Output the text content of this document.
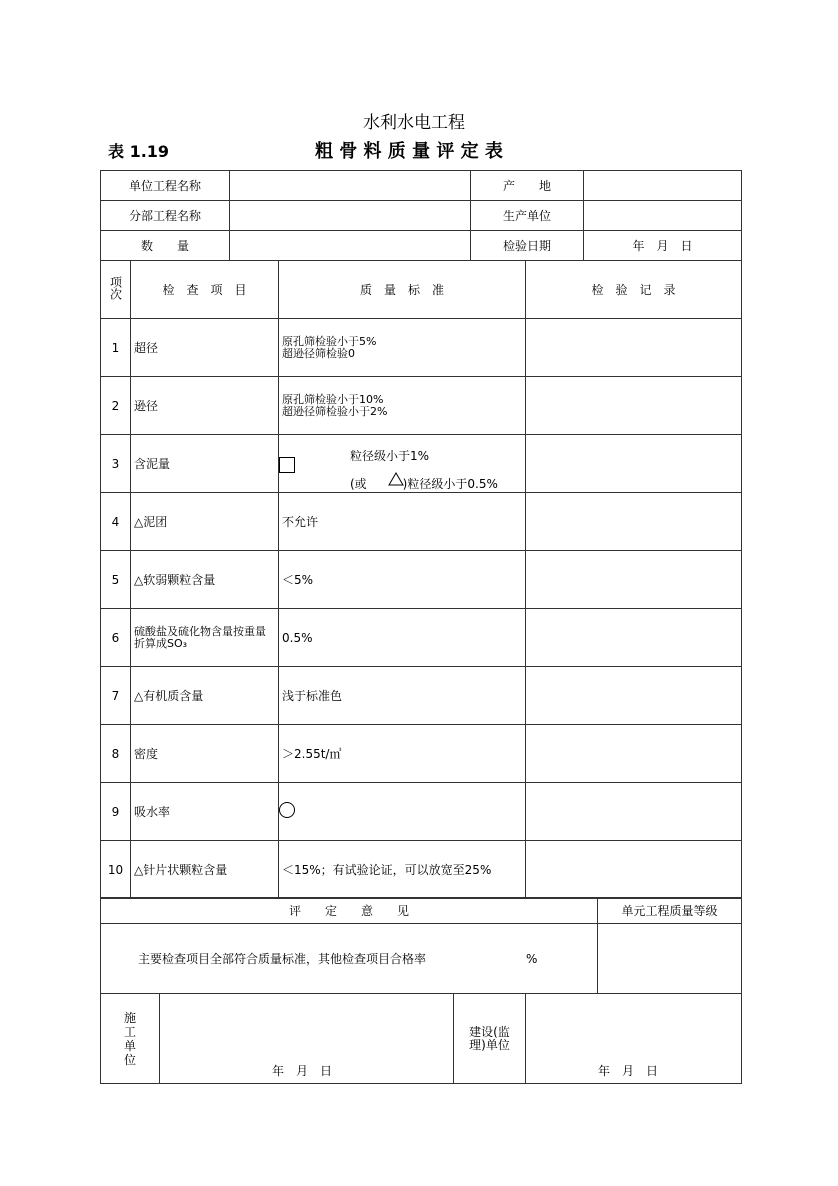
水利水电工程
表 1.19	粗 骨 料 质 量 评 定 表
单位工程名称		产　　地	
分部工程名称		生产单位	
数　　量		检验日期	年　月　日
项次	检　查　项　目	质　量　标　准	检　验　记　录
1	超径	原孔筛检验小于5%
超逊径筛检验0	

2	逊径	原孔筛检验小于10%
超逊径筛检验小于2%	

3	含泥量	粒径级小于1%
(或　　　)粒径级小于0.5%	

4	△泥团	不允许	

5	△软弱颗粒含量	＜5%	

6	硫酸盐及硫化物含量按重量折算成SO₃	0.5%	

7	△有机质含量	浅于标准色	

8	密度	＞2.55t/㎥	

9	吸水率		
10	△针片状颗粒含量	＜15%；有试验论证，可以放宽至25%	

评　　定　　意　　见	单元工程质量等级
主要检查项目全部符合质量标准，其他检查项目合格率 %	
施工单位	年　月　日	建设(监理)单位	年　月　日
